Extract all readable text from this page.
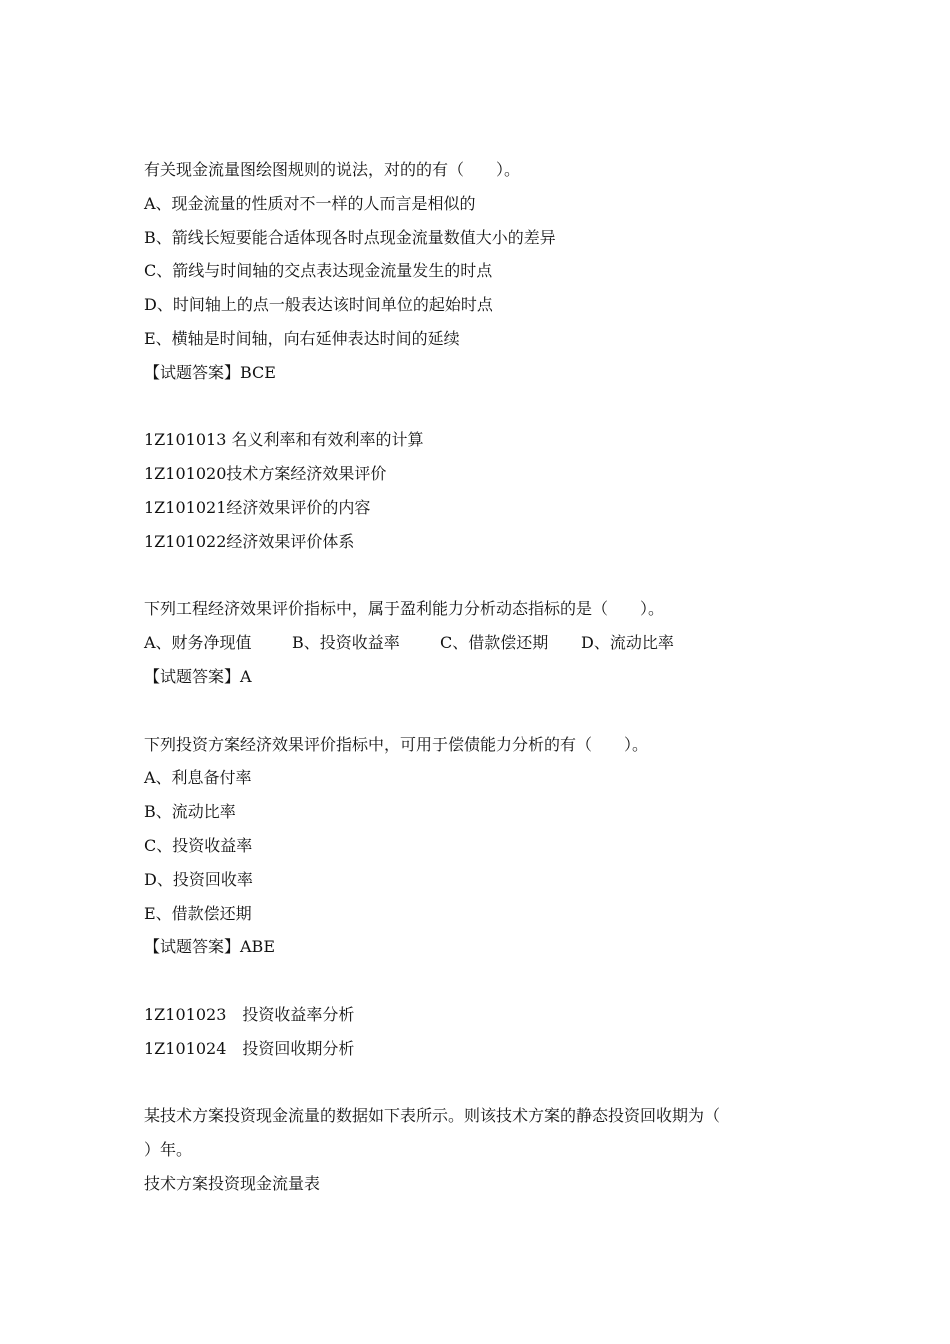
有关现金流量图绘图规则的说法，对的的有（　　）。
A、现金流量的性质对不一样的人而言是相似的
B、箭线长短要能合适体现各时点现金流量数值大小的差异
C、箭线与时间轴的交点表达现金流量发生的时点
D、时间轴上的点一般表达该时间单位的起始时点
E、横轴是时间轴，向右延伸表达时间的延续
【试题答案】BCE
1Z101013 名义利率和有效利率的计算
1Z101020技术方案经济效果评价
1Z101021经济效果评价的内容
1Z101022经济效果评价体系
下列工程经济效果评价指标中，属于盈利能力分析动态指标的是（　　）。
A、财务净现值	B、投资收益率	C、借款偿还期 D、流动比率
【试题答案】A
下列投资方案经济效果评价指标中，可用于偿债能力分析的有（　　）。
A、利息备付率
B、流动比率
C、投资收益率
D、投资回收率
E、借款偿还期
【试题答案】ABE
1Z101023　投资收益率分析
1Z101024　投资回收期分析
某技术方案投资现金流量的数据如下表所示。则该技术方案的静态投资回收期为（
）年。
技术方案投资现金流量表
